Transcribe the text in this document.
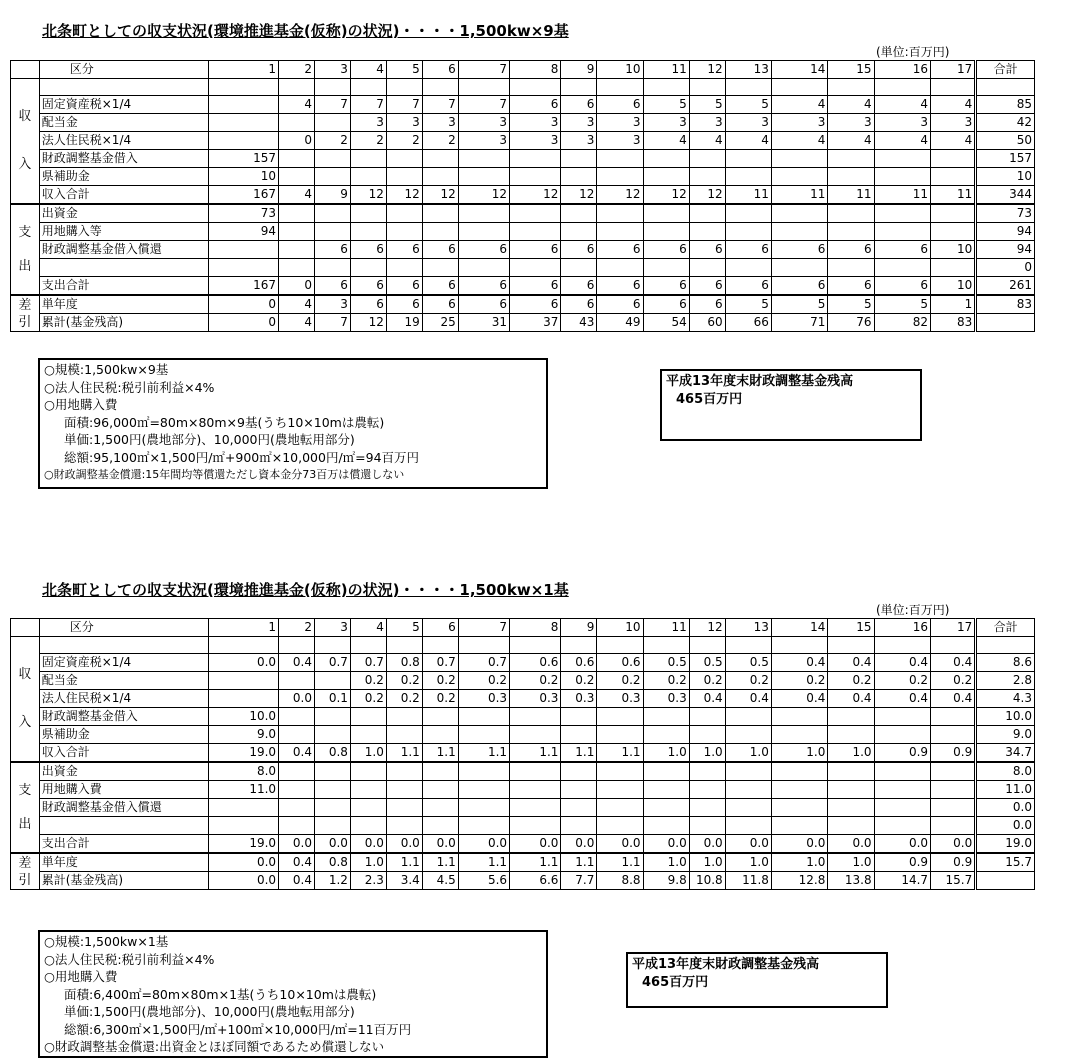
北条町としての収支状況(環境推進基金(仮称)の状況)・・・・1,500kw×9基
(単位:百万円)
	区分	1	2	3	4	5	6	7	8	9	10	11	12	13	14	15	16	17	合計

収
入																			

	固定資産税×1/4		4	7	7	7	7	7	6	6	6	5	5	5	4	4	4	4	85
	配当金				3	3	3	3	3	3	3	3	3	3	3	3	3	3	42
	法人住民税×1/4		0	2	2	2	2	3	3	3	3	4	4	4	4	4	4	4	50
	財政調整基金借入	157																	157
	県補助金	10																	10
	収入合計	167	4	9	12	12	12	12	12	12	12	12	12	11	11	11	11	11	344

支
出	出資金	73																	73
	用地購入等	94																	94
	財政調整基金借入償還			6	6	6	6	6	6	6	6	6	6	6	6	6	6	10	94
																			0
	支出合計	167	0	6	6	6	6	6	6	6	6	6	6	6	6	6	6	10	261

差
引	単年度	0	4	3	6	6	6	6	6	6	6	6	6	5	5	5	5	1	83
	累計(基金残高)	0	4	7	12	19	25	31	37	43	49	54	60	66	71	76	82	83	
○規模:1,500kw×9基
○法人住民税:税引前利益×4%
○用地購入費
面積:96,000㎡=80m×80m×9基(うち10×10mは農転)
単価:1,500円(農地部分)、10,000円(農地転用部分)
総額:95,100㎡×1,500円/㎡+900㎡×10,000円/㎡=94百万円
○財政調整基金償還:15年間均等償還ただし資本金分73百万は償還しない
平成13年度末財政調整基金残高
465百万円
北条町としての収支状況(環境推進基金(仮称)の状況)・・・・1,500kw×1基
(単位:百万円)
	区分	1	2	3	4	5	6	7	8	9	10	11	12	13	14	15	16	17	合計

収
入																			

	固定資産税×1/4	0.0	0.4	0.7	0.7	0.8	0.7	0.7	0.6	0.6	0.6	0.5	0.5	0.5	0.4	0.4	0.4	0.4	8.6
	配当金				0.2	0.2	0.2	0.2	0.2	0.2	0.2	0.2	0.2	0.2	0.2	0.2	0.2	0.2	2.8
	法人住民税×1/4		0.0	0.1	0.2	0.2	0.2	0.3	0.3	0.3	0.3	0.3	0.4	0.4	0.4	0.4	0.4	0.4	4.3
	財政調整基金借入	10.0																	10.0
	県補助金	9.0																	9.0
	収入合計	19.0	0.4	0.8	1.0	1.1	1.1	1.1	1.1	1.1	1.1	1.0	1.0	1.0	1.0	1.0	0.9	0.9	34.7

支
出	出資金	8.0																	8.0
	用地購入費	11.0																	11.0
	財政調整基金借入償還																		0.0
																			0.0
	支出合計	19.0	0.0	0.0	0.0	0.0	0.0	0.0	0.0	0.0	0.0	0.0	0.0	0.0	0.0	0.0	0.0	0.0	19.0

差
引	単年度	0.0	0.4	0.8	1.0	1.1	1.1	1.1	1.1	1.1	1.1	1.0	1.0	1.0	1.0	1.0	0.9	0.9	15.7
	累計(基金残高)	0.0	0.4	1.2	2.3	3.4	4.5	5.6	6.6	7.7	8.8	9.8	10.8	11.8	12.8	13.8	14.7	15.7	
○規模:1,500kw×1基
○法人住民税:税引前利益×4%
○用地購入費
面積:6,400㎡=80m×80m×1基(うち10×10mは農転)
単価:1,500円(農地部分)、10,000円(農地転用部分)
総額:6,300㎡×1,500円/㎡+100㎡×10,000円/㎡=11百万円
○財政調整基金償還:出資金とほぼ同額であるため償還しない
平成13年度末財政調整基金残高
465百万円
